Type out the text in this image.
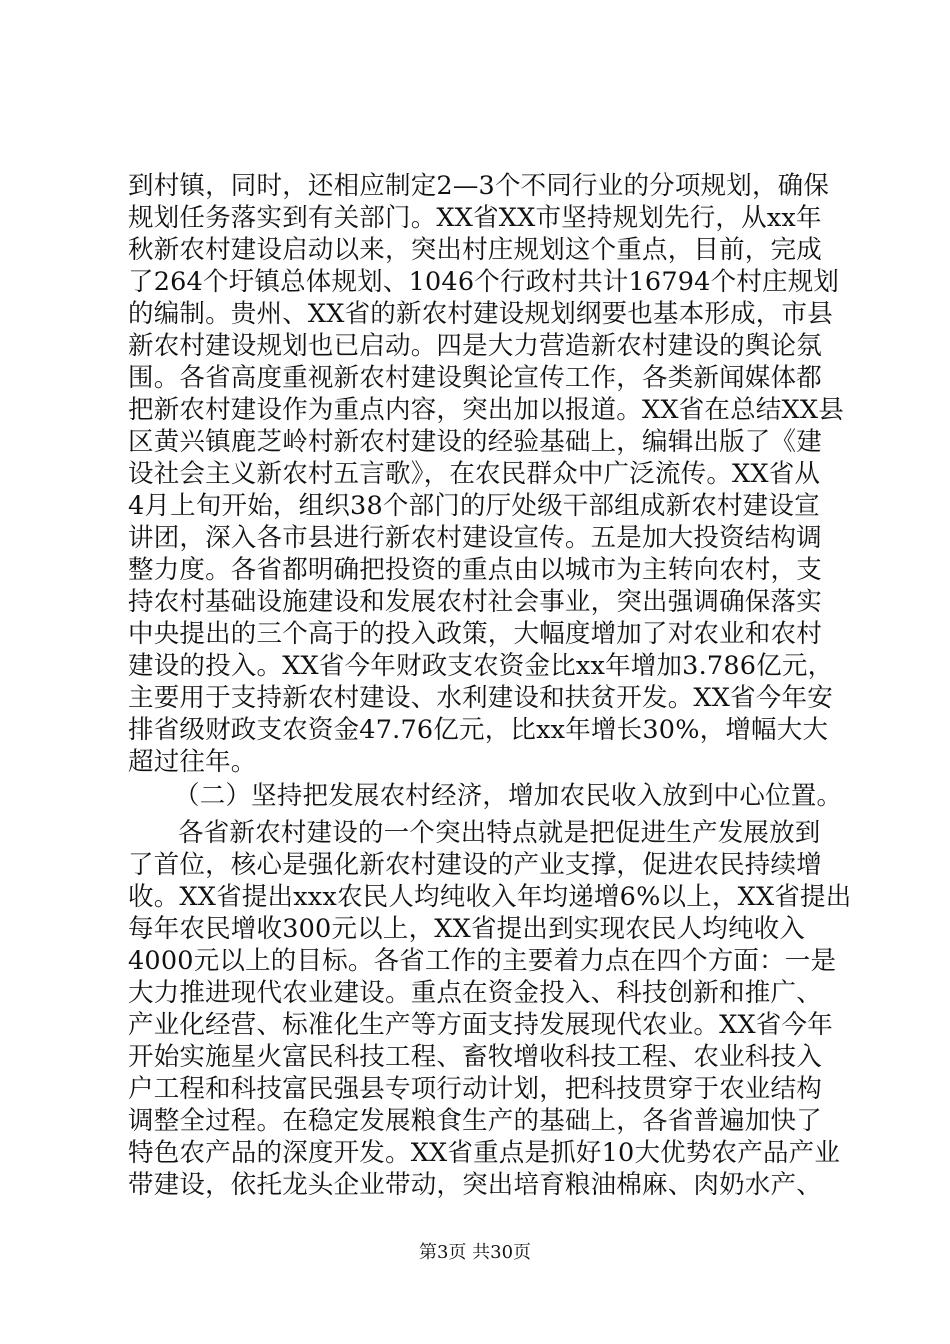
到村镇，同时，还相应制定2—3个不同行业的分项规划，确保
规划任务落实到有关部门。XX省XX市坚持规划先行，从xx年
秋新农村建设启动以来，突出村庄规划这个重点，目前，完成
了264个圩镇总体规划、1046个行政村共计16794个村庄规划
的编制。贵州、XX省的新农村建设规划纲要也基本形成，市县
新农村建设规划也已启动。四是大力营造新农村建设的舆论氛
围。各省高度重视新农村建设舆论宣传工作，各类新闻媒体都
把新农村建设作为重点内容，突出加以报道。XX省在总结XX县
区黄兴镇鹿芝岭村新农村建设的经验基础上，编辑出版了《建
设社会主义新农村五言歌》，在农民群众中广泛流传。XX省从
4月上旬开始，组织38个部门的厅处级干部组成新农村建设宣
讲团，深入各市县进行新农村建设宣传。五是加大投资结构调
整力度。各省都明确把投资的重点由以城市为主转向农村，支
持农村基础设施建设和发展农村社会事业，突出强调确保落实
中央提出的三个高于的投入政策，大幅度增加了对农业和农村
建设的投入。XX省今年财政支农资金比xx年增加3.786亿元，
主要用于支持新农村建设、水利建设和扶贫开发。XX省今年安
排省级财政支农资金47.76亿元，比xx年增长30%，增幅大大
超过往年。
（二）坚持把发展农村经济，增加农民收入放到中心位置。
各省新农村建设的一个突出特点就是把促进生产发展放到
了首位，核心是强化新农村建设的产业支撑，促进农民持续增
收。XX省提出xxx农民人均纯收入年均递增6%以上，XX省提出
每年农民增收300元以上，XX省提出到实现农民人均纯收入
4000元以上的目标。各省工作的主要着力点在四个方面：一是
大力推进现代农业建设。重点在资金投入、科技创新和推广、
产业化经营、标准化生产等方面支持发展现代农业。XX省今年
开始实施星火富民科技工程、畜牧增收科技工程、农业科技入
户工程和科技富民强县专项行动计划，把科技贯穿于农业结构
调整全过程。在稳定发展粮食生产的基础上，各省普遍加快了
特色农产品的深度开发。XX省重点是抓好10大优势农产品产业
带建设，依托龙头企业带动，突出培育粮油棉麻、肉奶水产、
第3页 共30页
